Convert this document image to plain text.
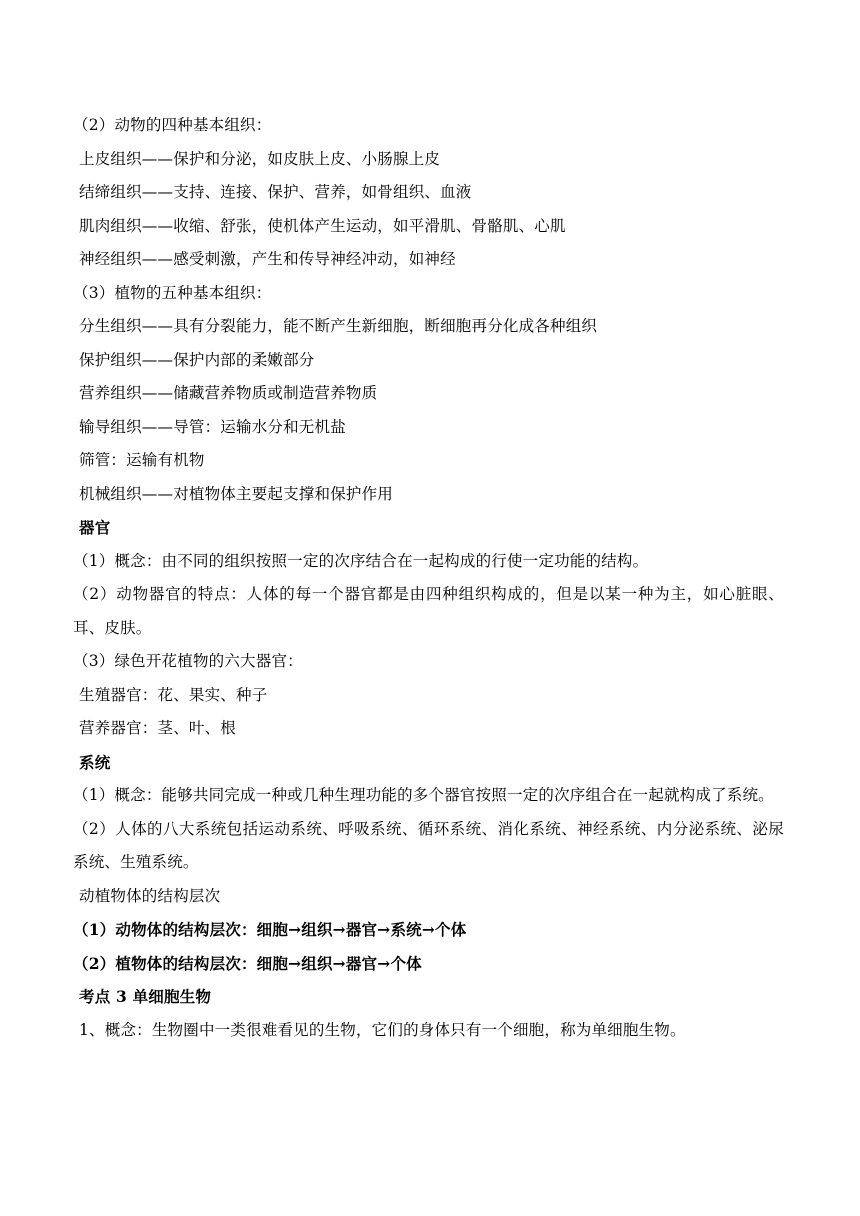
（2）动物的四种基本组织：
上皮组织——保护和分泌，如皮肤上皮、小肠腺上皮
结缔组织——支持、连接、保护、营养，如骨组织、血液
肌肉组织——收缩、舒张，使机体产生运动，如平滑肌、骨骼肌、心肌
神经组织——感受刺激，产生和传导神经冲动，如神经
（3）植物的五种基本组织：
分生组织——具有分裂能力，能不断产生新细胞，断细胞再分化成各种组织
保护组织——保护内部的柔嫩部分
营养组织——储藏营养物质或制造营养物质
输导组织——导管：运输水分和无机盐
筛管：运输有机物
机械组织——对植物体主要起支撑和保护作用
器官
（1）概念：由不同的组织按照一定的次序结合在一起构成的行使一定功能的结构。
（2）动物器官的特点：人体的每一个器官都是由四种组织构成的，但是以某一种为主，如心脏眼、耳、皮肤。
（3）绿色开花植物的六大器官：
生殖器官：花、果实、种子
营养器官：茎、叶、根
系统
（1）概念：能够共同完成一种或几种生理功能的多个器官按照一定的次序组合在一起就构成了系统。
（2）人体的八大系统包括运动系统、呼吸系统、循环系统、消化系统、神经系统、内分泌系统、泌尿系统、生殖系统。
动植物体的结构层次
（1）动物体的结构层次：细胞→组织→器官→系统→个体
（2）植物体的结构层次：细胞→组织→器官→个体
考点 3 单细胞生物
1、概念：生物圈中一类很难看见的生物，它们的身体只有一个细胞，称为单细胞生物。
